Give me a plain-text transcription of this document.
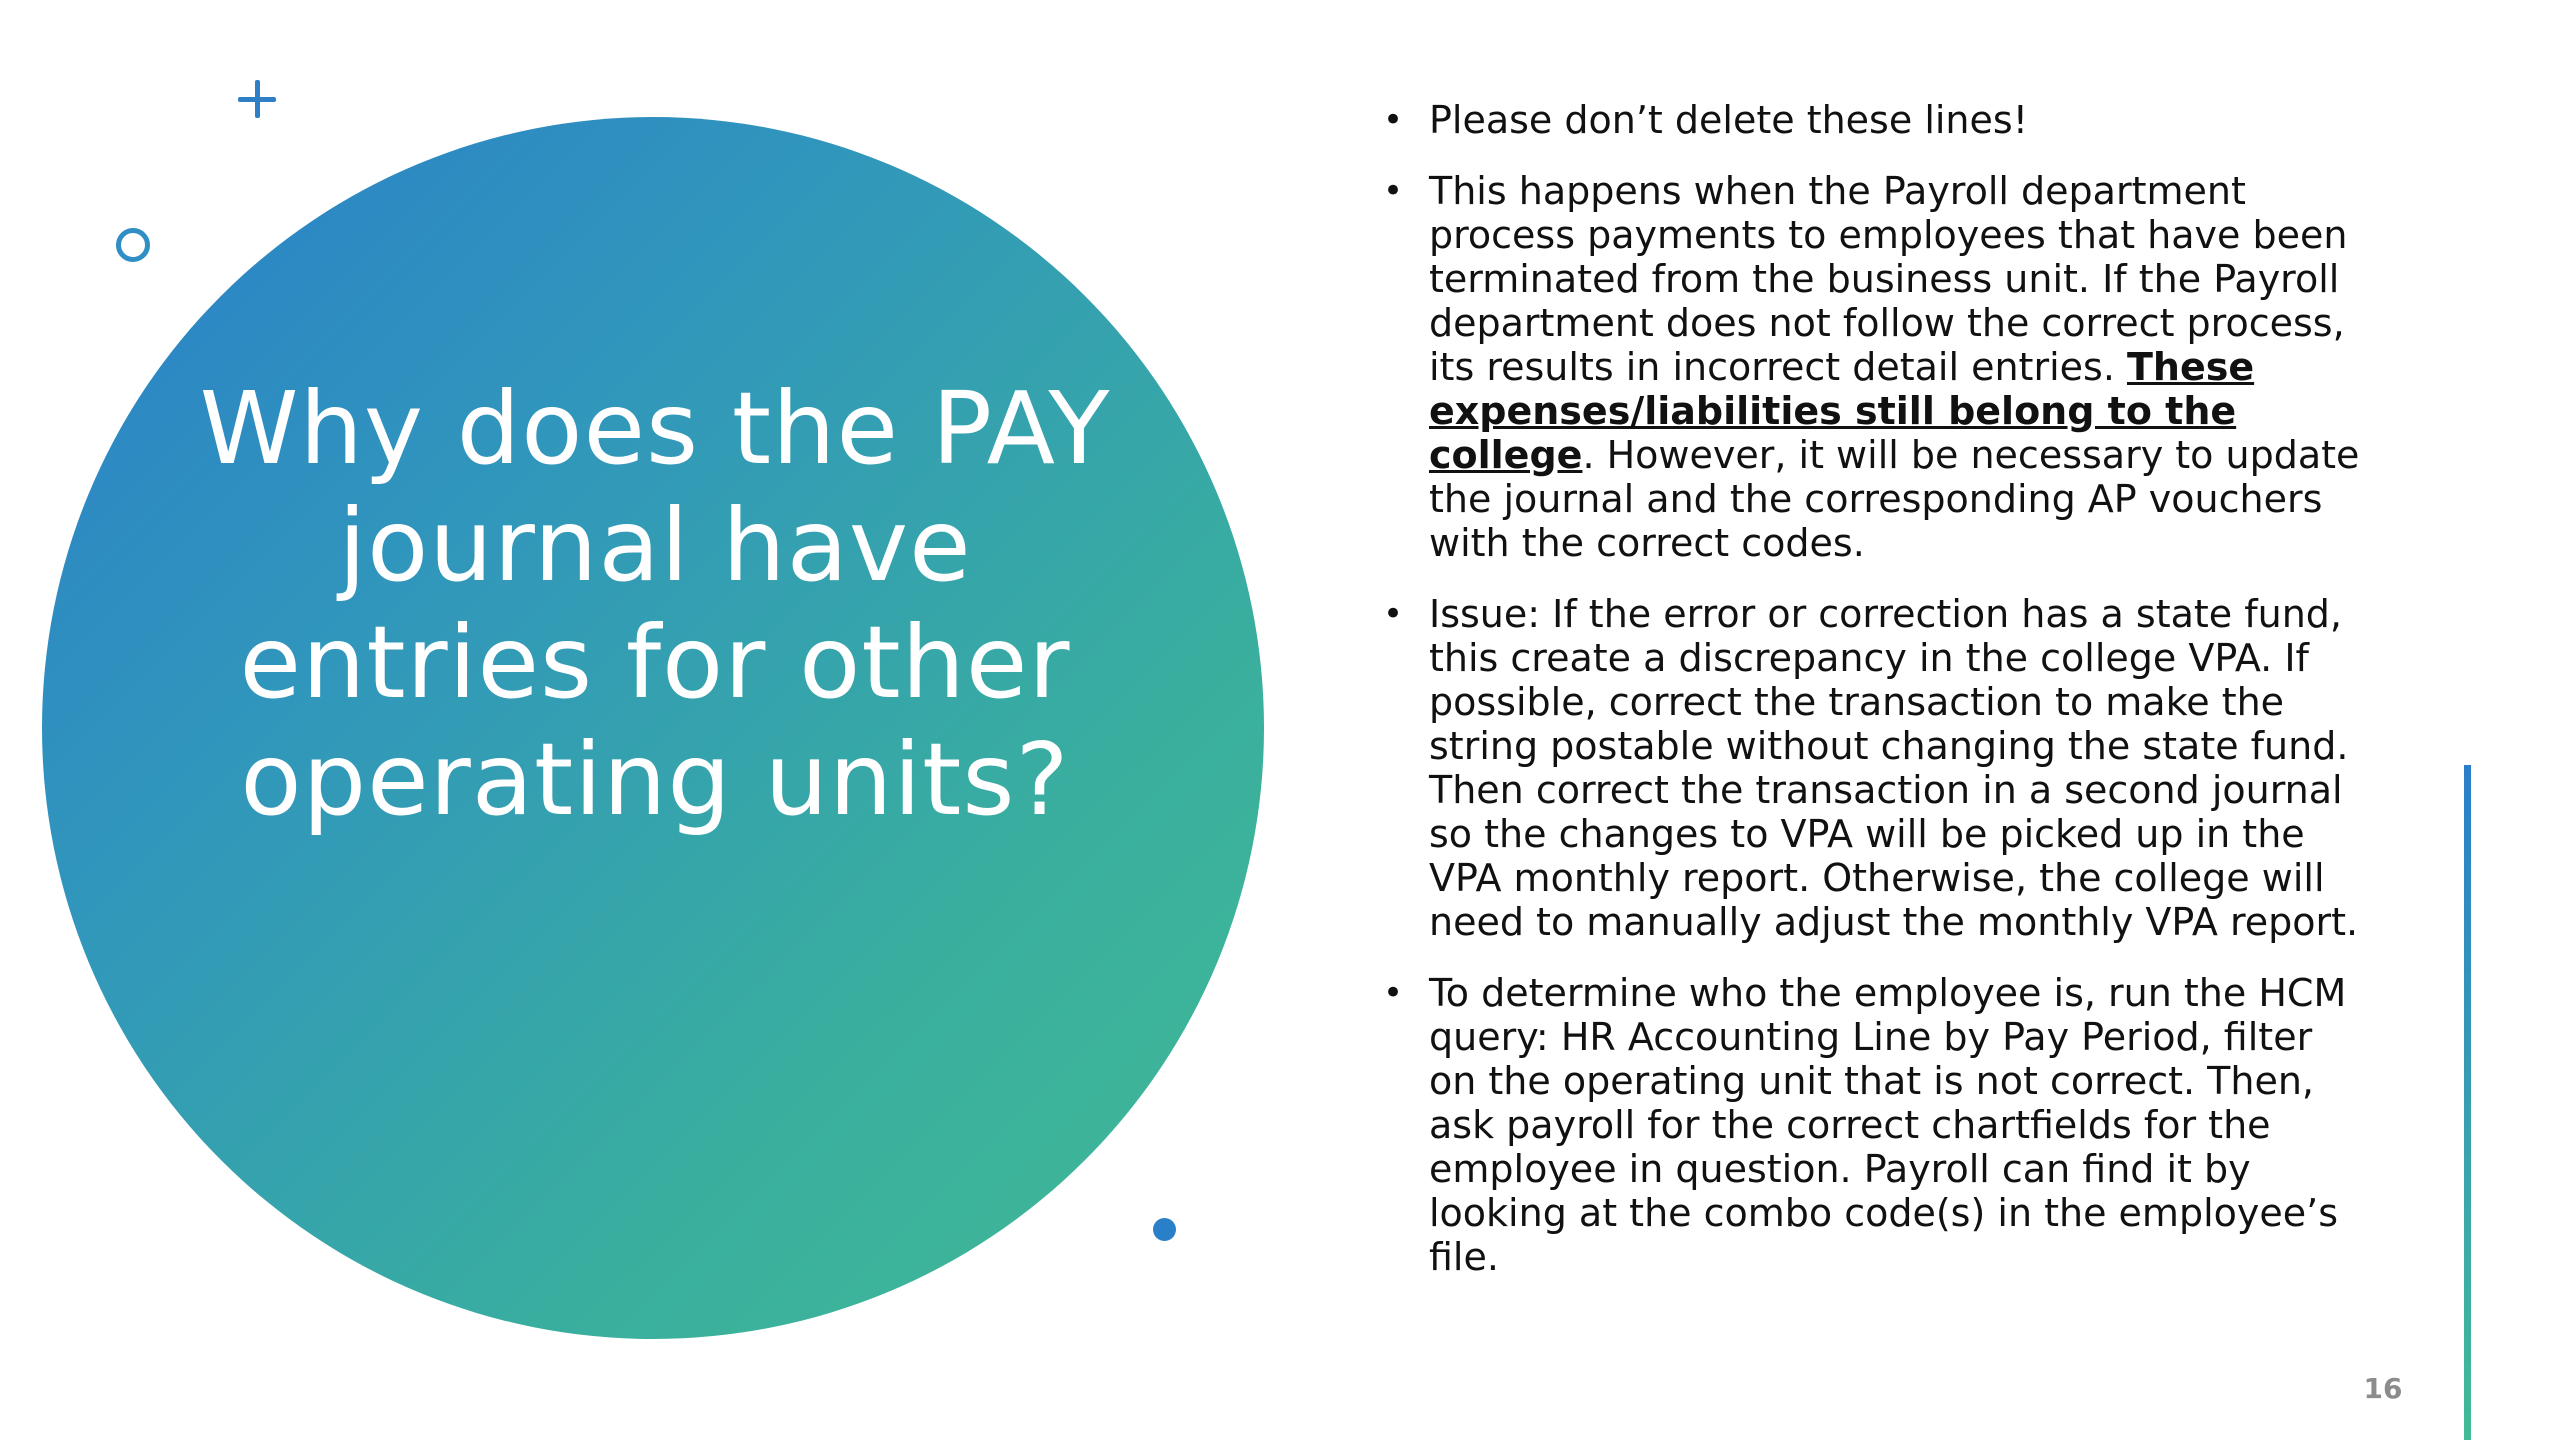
Why does the PAY journal have entries for other operating units?
• Please don’t delete these lines!
• This happens when the Payroll department process payments to employees that have been terminated from the business unit. If the Payroll department does not follow the correct process, its results in incorrect detail entries. These expenses/liabilities still belong to the college. However, it will be necessary to update the journal and the corresponding AP vouchers with the correct codes.
• Issue: If the error or correction has a state fund, this create a discrepancy in the college VPA. If possible, correct the transaction to make the string postable without changing the state fund. Then correct the transaction in a second journal so the changes to VPA will be picked up in the VPA monthly report. Otherwise, the college will need to manually adjust the monthly VPA report.
• To determine who the employee is, run the HCM query: HR Accounting Line by Pay Period, filter on the operating unit that is not correct. Then, ask payroll for the correct chartfields for the employee in question. Payroll can find it by looking at the combo code(s) in the employee’s file.
16
